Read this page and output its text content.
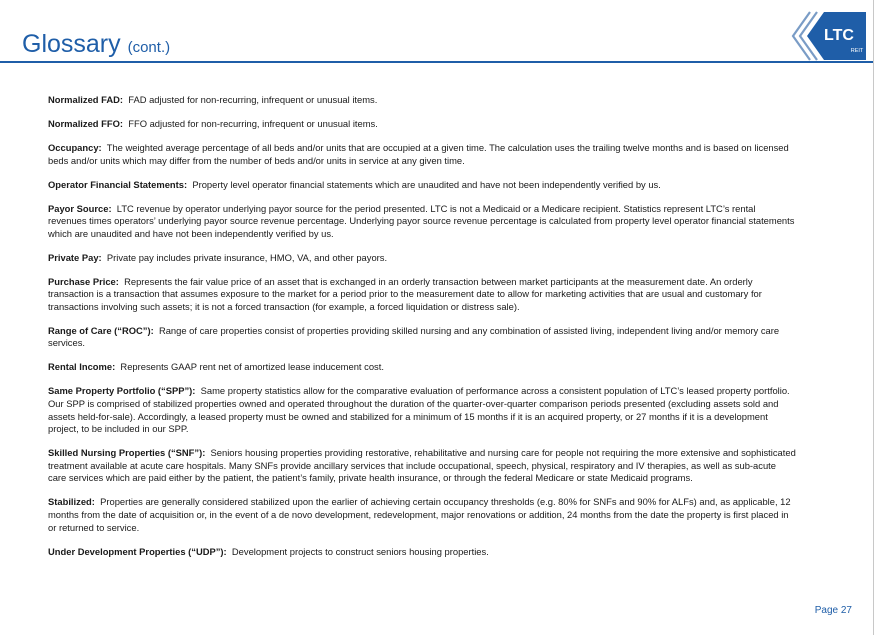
Glossary (cont.)
LTC
REIT

Normalized FAD: FAD adjusted for non-recurring, infrequent or unusual items.

Normalized FFO: FFO adjusted for non-recurring, infrequent or unusual items.

Occupancy: The weighted average percentage of all beds and/or units that are occupied at a given time. The calculation uses the trailing twelve months and is based on licensed beds and/or units which may differ from the number of beds and/or units in service at any given time.

Operator Financial Statements: Property level operator financial statements which are unaudited and have not been independently verified by us.

Payor Source: LTC revenue by operator underlying payor source for the period presented. LTC is not a Medicaid or a Medicare recipient. Statistics represent LTC’s rental revenues times operators’ underlying payor source revenue percentage. Underlying payor source revenue percentage is calculated from property level operator financial statements which are unaudited and have not been independently verified by us.

Private Pay: Private pay includes private insurance, HMO, VA, and other payors.

Purchase Price: Represents the fair value price of an asset that is exchanged in an orderly transaction between market participants at the measurement date. An orderly transaction is a transaction that assumes exposure to the market for a period prior to the measurement date to allow for marketing activities that are usual and customary for transactions involving such assets; it is not a forced transaction (for example, a forced liquidation or distress sale).

Range of Care (“ROC”): Range of care properties consist of properties providing skilled nursing and any combination of assisted living, independent living and/or memory care services.

Rental Income: Represents GAAP rent net of amortized lease inducement cost.

Same Property Portfolio (“SPP”): Same property statistics allow for the comparative evaluation of performance across a consistent population of LTC’s leased property portfolio. Our SPP is comprised of stabilized properties owned and operated throughout the duration of the quarter-over-quarter comparison periods presented (excluding assets sold and assets held-for-sale). Accordingly, a leased property must be owned and stabilized for a minimum of 15 months if it is an acquired property, or 27 months if it is a development project, to be included in our SPP.

Skilled Nursing Properties (“SNF”): Seniors housing properties providing restorative, rehabilitative and nursing care for people not requiring the more extensive and sophisticated treatment available at acute care hospitals. Many SNFs provide ancillary services that include occupational, speech, physical, respiratory and IV therapies, as well as sub-acute care services which are paid either by the patient, the patient’s family, private health insurance, or through the federal Medicare or state Medicaid programs.

Stabilized: Properties are generally considered stabilized upon the earlier of achieving certain occupancy thresholds (e.g. 80% for SNFs and 90% for ALFs) and, as applicable, 12 months from the date of acquisition or, in the event of a de novo development, redevelopment, major renovations or addition, 24 months from the date the property is first placed in or returned to service.

Under Development Properties (“UDP”): Development projects to construct seniors housing properties.

Page 27
